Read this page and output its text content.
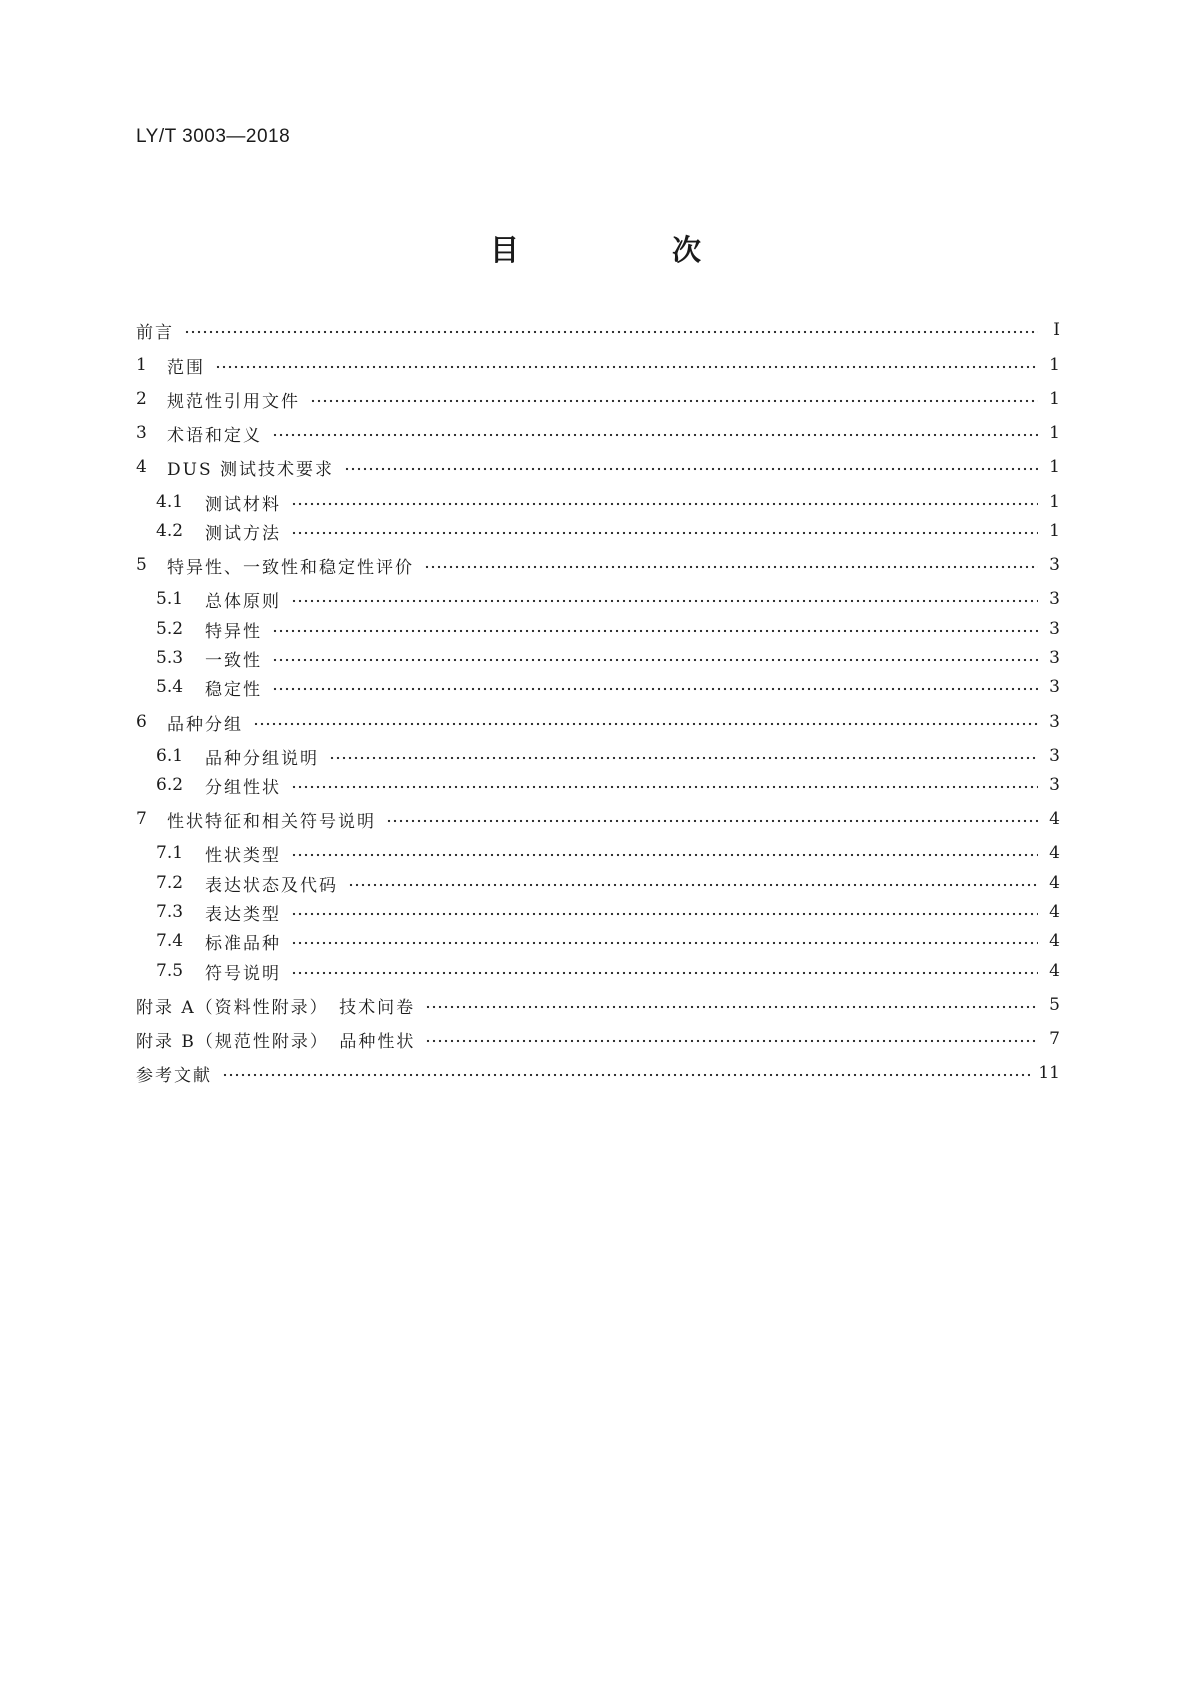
LY/T 3003—2018
目　次
前言	Ⅰ
1	范围	1
2	规范性引用文件	1
3	术语和定义	1
4	DUS 测试技术要求	1
4.1	测试材料	1
4.2	测试方法	1
5	特异性、一致性和稳定性评价	3
5.1	总体原则	3
5.2	特异性	3
5.3	一致性	3
5.4	稳定性	3
6	品种分组	3
6.1	品种分组说明	3
6.2	分组性状	3
7	性状特征和相关符号说明	4
7.1	性状类型	4
7.2	表达状态及代码	4
7.3	表达类型	4
7.4	标准品种	4
7.5	符号说明	4
附录 A（资料性附录）　技术问卷	5
附录 B（规范性附录）　品种性状	7
参考文献	11
